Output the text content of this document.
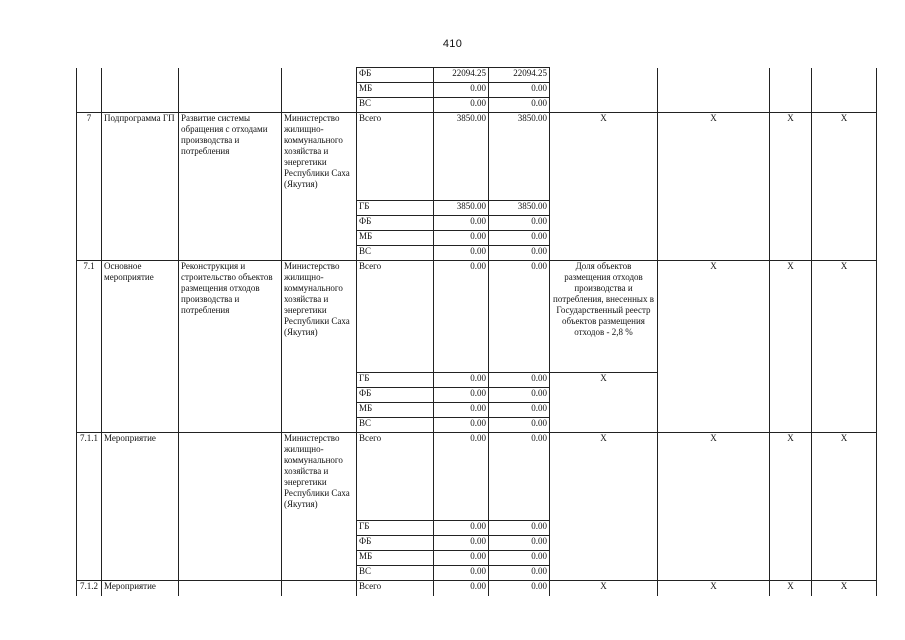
410
				ФБ	22094.25	22094.25				
				МБ	0.00	0.00				
				ВС	0.00	0.00				
7	Подпрограмма ГП	Развитие системы обращения с отходами производства и потребления	Министерство жилищно-коммунального хозяйства и энергетики Республики Саха (Якутия)	Всего	3850.00	3850.00	Х	Х	Х	Х
				ГБ	3850.00	3850.00				
				ФБ	0.00	0.00				
				МБ	0.00	0.00				
				ВС	0.00	0.00				
7.1	Основное мероприятие	Реконструкция и строительство объектов размещения отходов производства и потребления	Министерство жилищно-коммунального хозяйства и энергетики Республики Саха (Якутия)	Всего	0.00	0.00	Доля объектов размещения отходов производства и потребления, внесенных в Государственный реестр объектов размещения отходов - 2,8 %	Х	Х	Х
				ГБ	0.00	0.00	Х			
				ФБ	0.00	0.00				
				МБ	0.00	0.00				
				ВС	0.00	0.00				
7.1.1	Мероприятие		Министерство жилищно-коммунального хозяйства и энергетики Республики Саха (Якутия)	Всего	0.00	0.00	Х	Х	Х	Х
				ГБ	0.00	0.00				
				ФБ	0.00	0.00				
				МБ	0.00	0.00				
				ВС	0.00	0.00				
7.1.2	Мероприятие			Всего	0.00	0.00	Х	Х	Х	Х
